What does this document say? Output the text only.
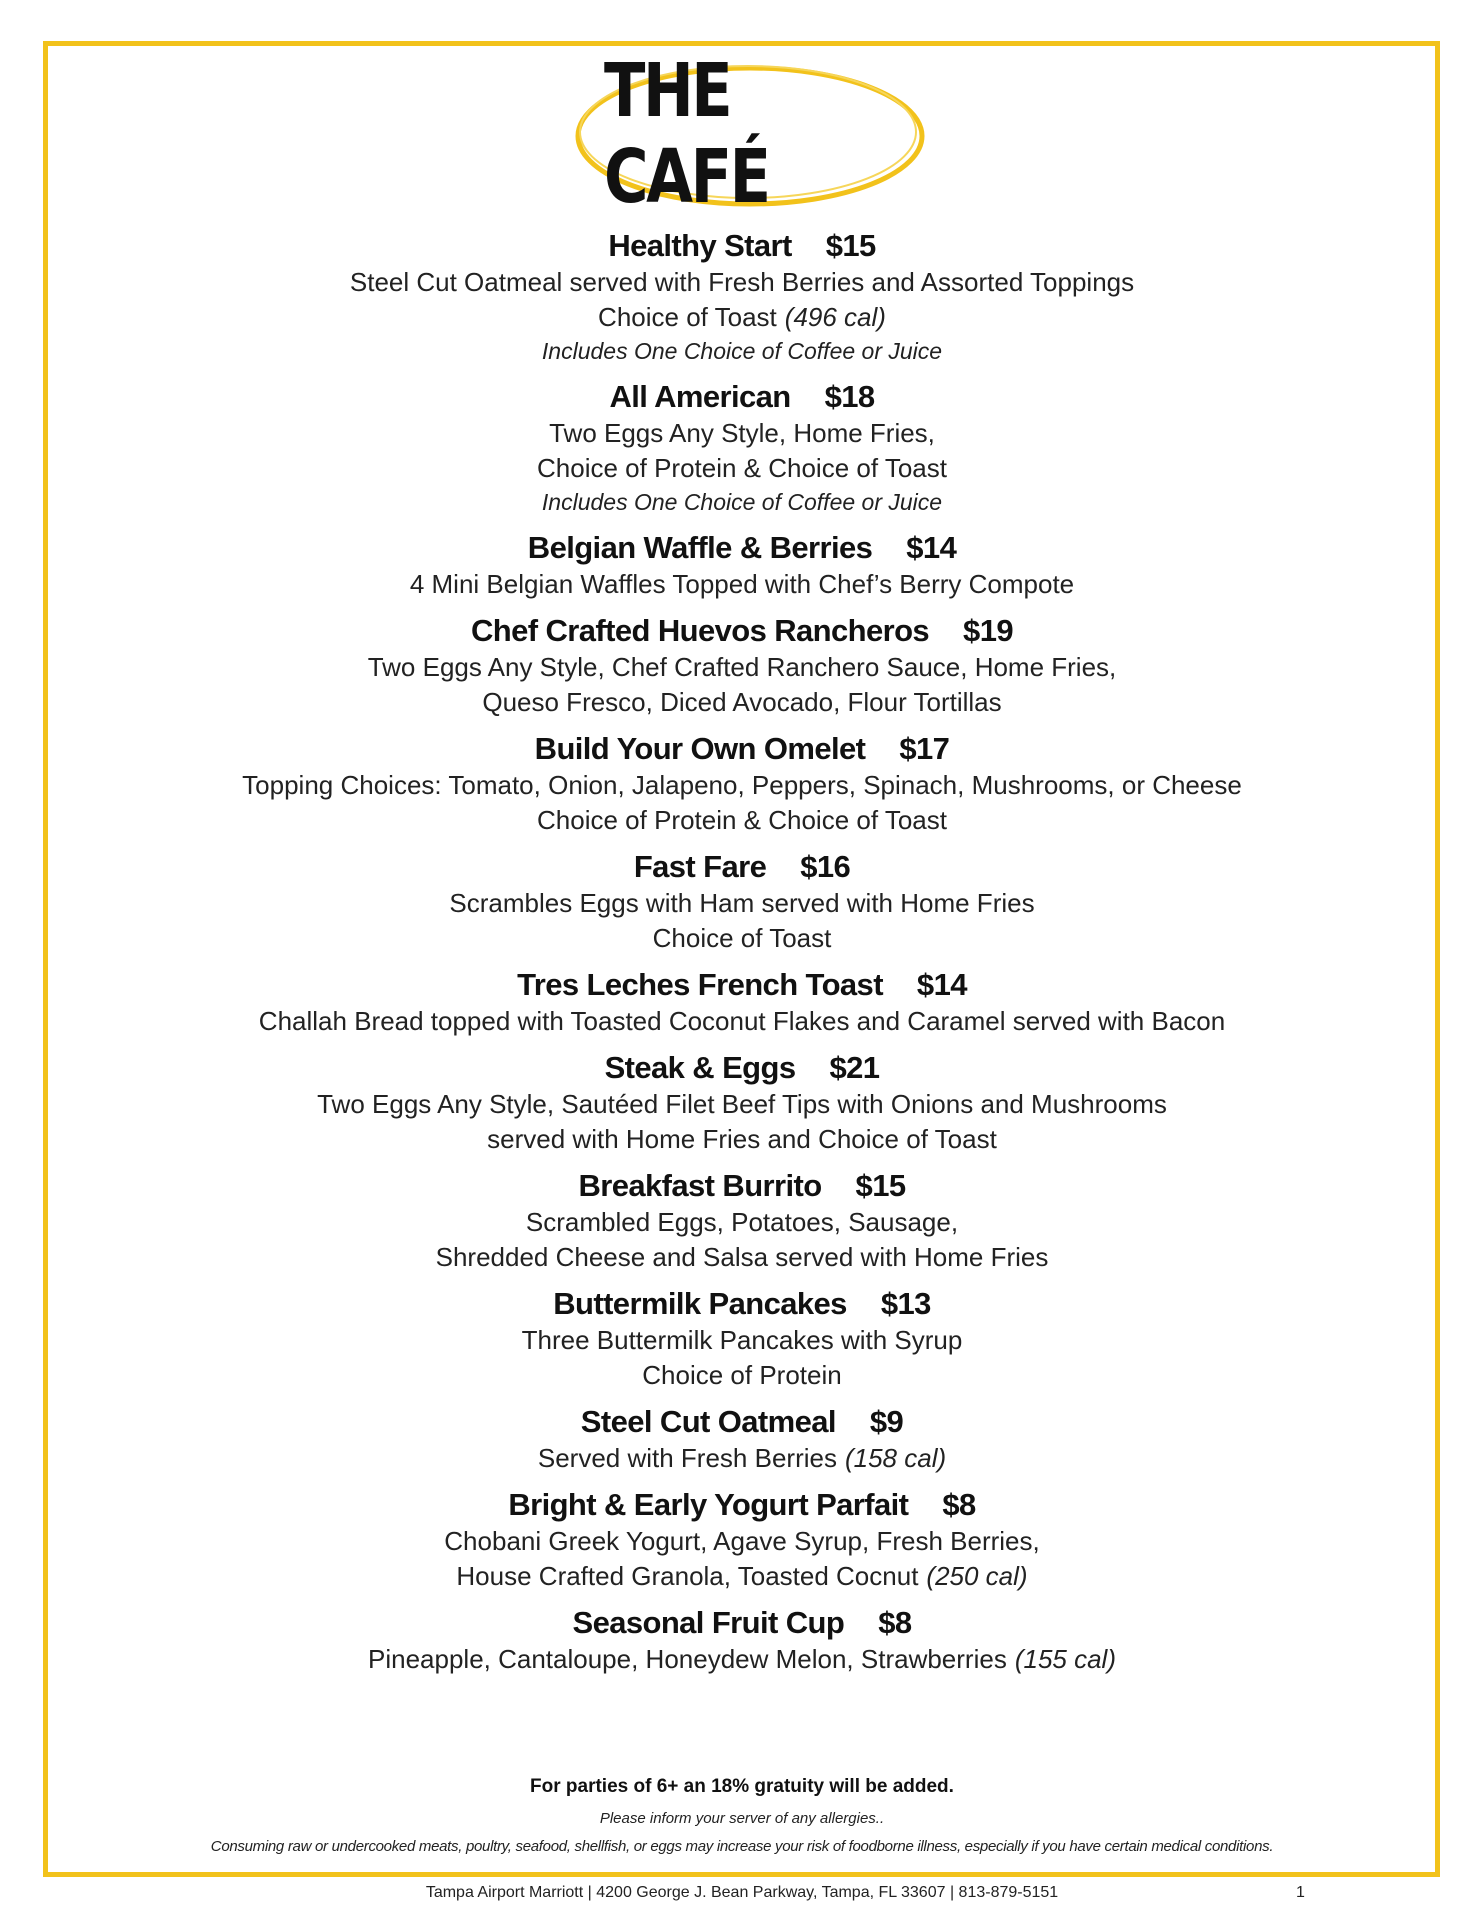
THE CAFÉ
Healthy Start $15
Steel Cut Oatmeal served with Fresh Berries and Assorted Toppings
Choice of Toast (496 cal)
Includes One Choice of Coffee or Juice
All American $18
Two Eggs Any Style, Home Fries,
Choice of Protein & Choice of Toast
Includes One Choice of Coffee or Juice
Belgian Waffle & Berries $14
4 Mini Belgian Waffles Topped with Chef’s Berry Compote
Chef Crafted Huevos Rancheros $19
Two Eggs Any Style, Chef Crafted Ranchero Sauce, Home Fries,
Queso Fresco, Diced Avocado, Flour Tortillas
Build Your Own Omelet $17
Topping Choices: Tomato, Onion, Jalapeno, Peppers, Spinach, Mushrooms, or Cheese
Choice of Protein & Choice of Toast
Fast Fare $16
Scrambles Eggs with Ham served with Home Fries
Choice of Toast
Tres Leches French Toast $14
Challah Bread topped with Toasted Coconut Flakes and Caramel served with Bacon
Steak & Eggs $21
Two Eggs Any Style, Sautéed Filet Beef Tips with Onions and Mushrooms
served with Home Fries and Choice of Toast
Breakfast Burrito $15
Scrambled Eggs, Potatoes, Sausage,
Shredded Cheese and Salsa served with Home Fries
Buttermilk Pancakes $13
Three Buttermilk Pancakes with Syrup
Choice of Protein
Steel Cut Oatmeal $9
Served with Fresh Berries (158 cal)
Bright & Early Yogurt Parfait $8
Chobani Greek Yogurt, Agave Syrup, Fresh Berries,
House Crafted Granola, Toasted Cocnut (250 cal)
Seasonal Fruit Cup $8
Pineapple, Cantaloupe, Honeydew Melon, Strawberries (155 cal)
For parties of 6+ an 18% gratuity will be added.
Please inform your server of any allergies..
Consuming raw or undercooked meats, poultry, seafood, shellfish, or eggs may increase your risk of foodborne illness, especially if you have certain medical conditions.
Tampa Airport Marriott | 4200 George J. Bean Parkway, Tampa, FL 33607 | 813-879-5151	1
